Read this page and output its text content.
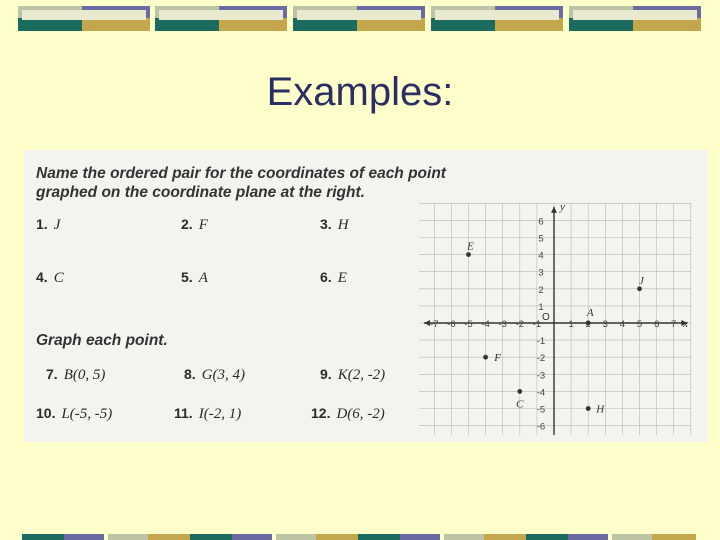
Examples:

Name the ordered pair for the coordinates of each point graphed on the coordinate plane at the right.

1. J	2. F	3. H
4. C	5. A	6. E

Graph each point.

7. B(0, 5)	8. G(3, 4)	9. K(2, -2)
10. L(-5, -5)	11. I(-2, 1)	12. D(6, -2)
x
y
O
-7 -6 -5 -4 -3 -2 -1	1	3 4 5 6 7
6
5
4
3
2
1
-1
-2
-3
-4
-5
-6
E
J
A
F
C	H
